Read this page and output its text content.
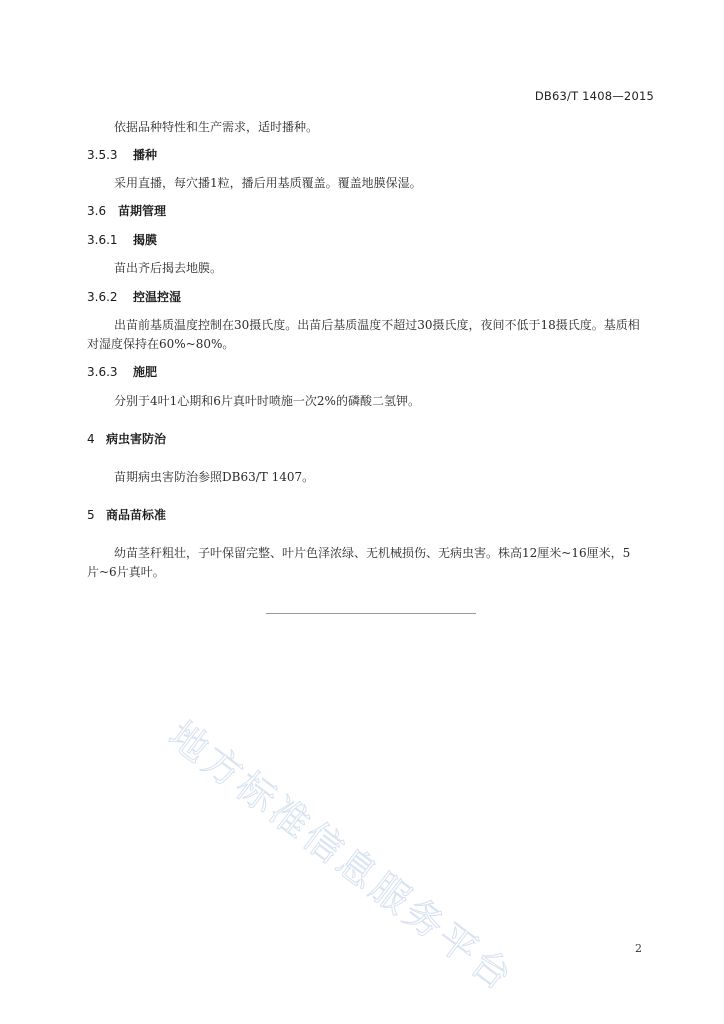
DB63/T 1408—2015
依据品种特性和生产需求，适时播种。
3.5.3 播种
采用直播，每穴播1粒，播后用基质覆盖。覆盖地膜保湿。
3.6 苗期管理
3.6.1 揭膜
苗出齐后揭去地膜。
3.6.2 控温控湿
出苗前基质温度控制在30摄氏度。出苗后基质温度不超过30摄氏度，夜间不低于18摄氏度。基质相
对湿度保持在60%~80%。
3.6.3 施肥
分别于4叶1心期和6片真叶时喷施一次2%的磷酸二氢钾。
4 病虫害防治
苗期病虫害防治参照DB63/T 1407。
5 商品苗标准
幼苗茎秆粗壮，子叶保留完整、叶片色泽浓绿、无机械损伤、无病虫害。株高12厘米~16厘米，5
片~6片真叶。
地方标准信息服务平台	2
